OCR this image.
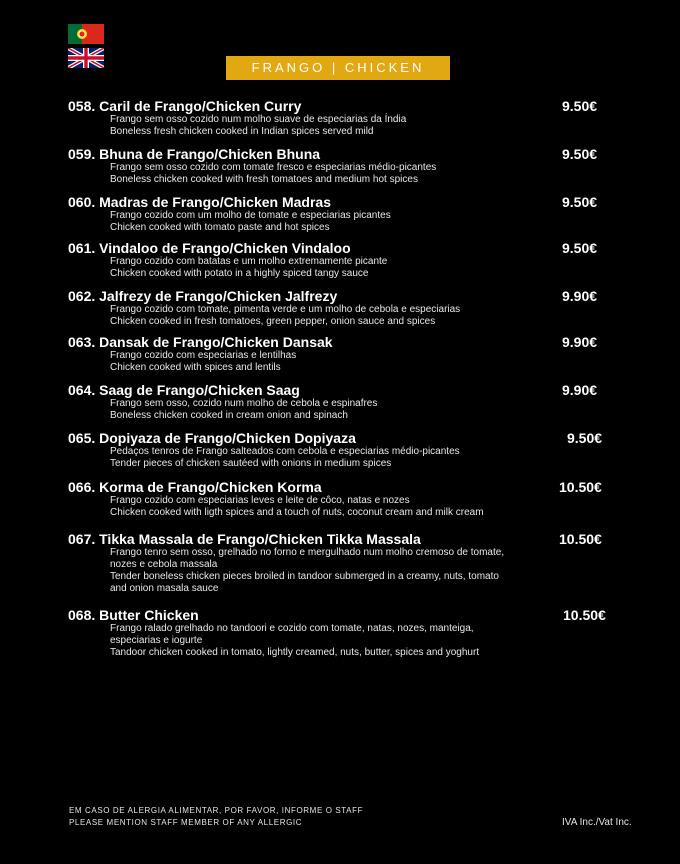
FRANGO | CHICKEN
058. Caril de Frango/Chicken Curry	9.50€
Frango sem osso cozido num molho suave de especiarias da Índia
Boneless fresh chicken cooked in Indian spices served mild
059. Bhuna de Frango/Chicken Bhuna	9.50€
Frango sem osso cozido com tomate fresco e especiarias médio-picantes
Boneless chicken cooked with fresh tomatoes and medium hot spices
060. Madras de Frango/Chicken Madras	9.50€
Frango cozido com um molho de tomate e especiarias picantes
Chicken cooked with tomato paste and hot spices
061. Vindaloo de Frango/Chicken Vindaloo	9.50€
Frango cozido com batatas e um molho extremamente picante
Chicken cooked with potato in a highly spiced tangy sauce
062. Jalfrezy de Frango/Chicken Jalfrezy	9.90€
Frango cozido com tomate, pimenta verde e um molho de cebola e especiarias
Chicken cooked in fresh tomatoes, green pepper, onion sauce and spices
063. Dansak de Frango/Chicken Dansak	9.90€
Frango cozido com especiarias e lentilhas
Chicken cooked with spices and lentils
064. Saag de Frango/Chicken Saag	9.90€
Frango sem osso, cozido num molho de cebola e espinafres
Boneless chicken cooked in cream onion and spinach
065. Dopiyaza de Frango/Chicken Dopiyaza	9.50€
Pedaços tenros de Frango salteados com cebola e especiarias médio-picantes
Tender pieces of chicken sautéed with onions in medium spices
066. Korma de Frango/Chicken Korma	10.50€
Frango cozido com especiarias leves e leite de côco, natas e nozes
Chicken cooked with ligth spices and a touch of nuts, coconut cream and milk cream
067. Tikka Massala de Frango/Chicken Tikka Massala	10.50€
Frango tenro sem osso, grelhado no forno e mergulhado num molho cremoso de tomate,
nozes e cebola massala
Tender boneless chicken pieces broiled in tandoor submerged in a creamy, nuts, tomato
and onion masala sauce
068. Butter Chicken	10.50€
Frango ralado grelhado no tandoori e cozido com tomate, natas, nozes, manteiga,
especiarias e iogurte
Tandoor chicken cooked in tomato, lightly creamed, nuts, butter, spices and yoghurt
EM CASO DE ALERGIA ALIMENTAR, POR FAVOR, INFORME O STAFF
PLEASE MENTION STAFF MEMBER OF ANY ALLERGIC	IVA Inc./Vat Inc.
